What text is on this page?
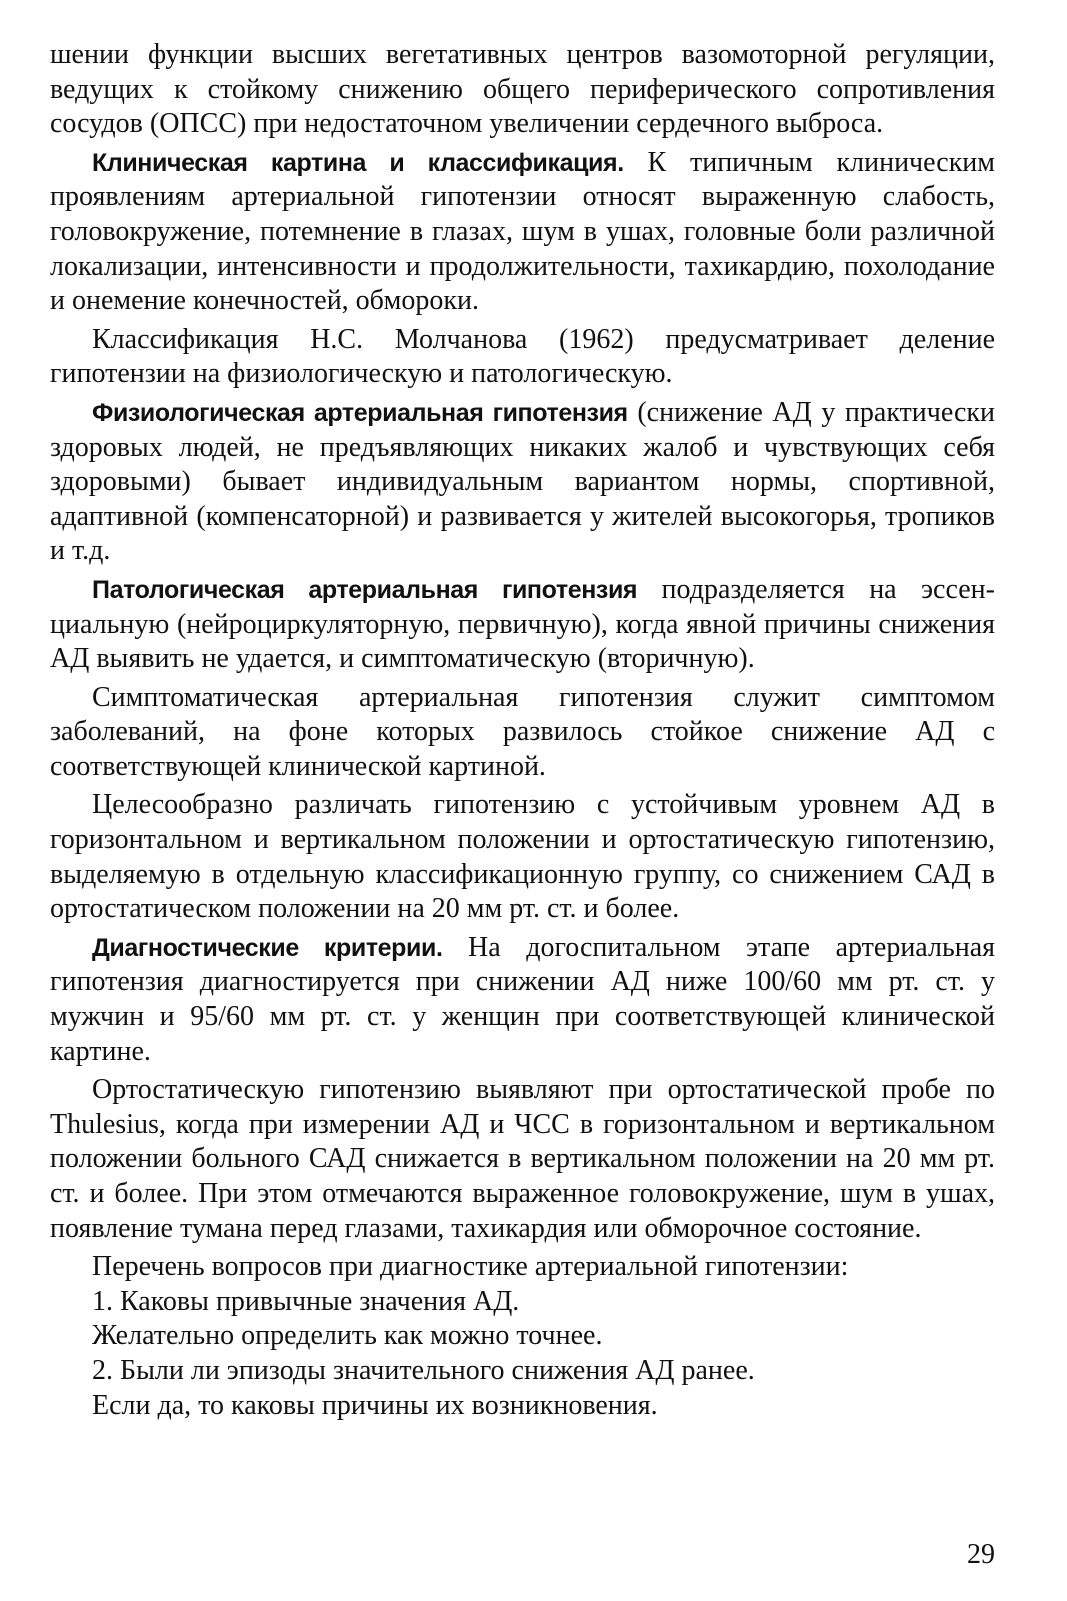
шении функции высших вегетативных центров вазомоторной регуляции, ведущих к стойкому снижению общего периферического сопротивления сосудов (ОПСС) при недостаточном увеличении сердечного выброса.

Клиническая картина и классификация. К типичным клиническим проявлениям артериальной гипотензии относят выраженную слабость, головокружение, потемнение в глазах, шум в ушах, головные боли различной локализации, интенсивности и продолжительности, тахикардию, похолодание и онемение конечностей, обмороки.

Классификация Н.С. Молчанова (1962) предусматривает деление гипотензии на физиологическую и патологическую.

Физиологическая артериальная гипотензия (снижение АД у практически здоровых людей, не предъявляющих никаких жалоб и чувствующих себя здоровыми) бывает индивидуальным вариантом нормы, спортивной, адаптивной (компенсаторной) и развивается у жителей высокогорья, тропиков и т.д.

Патологическая артериальная гипотензия подразделяется на эссенциальную (нейроциркуляторную, первичную), когда явной причины снижения АД выявить не удается, и симптоматическую (вторичную).

Симптоматическая артериальная гипотензия служит симптомом заболеваний, на фоне которых развилось стойкое снижение АД с соответствующей клинической картиной.

Целесообразно различать гипотензию с устойчивым уровнем АД в горизонтальном и вертикальном положении и ортостатическую гипотензию, выделяемую в отдельную классификационную группу, со снижением САД в ортостатическом положении на 20 мм рт. ст. и более.

Диагностические критерии. На догоспитальном этапе артериальная гипотензия диагностируется при снижении АД ниже 100/60 мм рт. ст. у мужчин и 95/60 мм рт. ст. у женщин при соответствующей клинической картине.

Ортостатическую гипотензию выявляют при ортостатической пробе по Thulesius, когда при измерении АД и ЧСС в горизонтальном и вертикальном положении больного САД снижается в вертикальном положении на 20 мм рт. ст. и более. При этом отмечаются выраженное головокружение, шум в ушах, появление тумана перед глазами, тахикардия или обморочное состояние.

Перечень вопросов при диагностике артериальной гипотензии:

1. Каковы привычные значения АД.

Желательно определить как можно точнее.

2. Были ли эпизоды значительного снижения АД ранее.

Если да, то каковы причины их возникновения.

29
